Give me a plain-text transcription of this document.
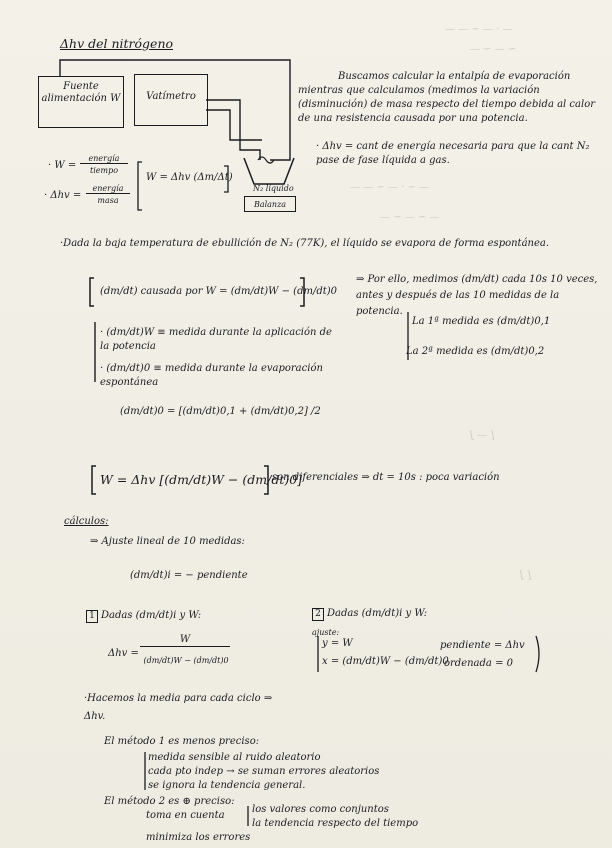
— · — ~ — —
~ — ~ —
— ~ · — ~ — —
— ~ — ~ —
[ — ]
[ ]
Δhv del nitrógeno
Fuente alimentación W	Vatímetro
N₂ líquido
Balanza
Buscamos calcular la entalpía de evaporación mientras que calculamos (medimos la variación (disminución) de masa respecto del tiempo debida al calor de una resistencia causada por una potencia.
· Δhv = cant de energía necesaria para que la cant N₂ pase de fase líquida a gas.
· W =
energía
tiempo
· Δhv =
energía
masa
W = Δhv (Δm/Δt)
·Dada la baja temperatura de ebullición de N₂ (77K), el líquido se evapora de forma espontánea.
(dm/dt) causada por W = (dm/dt)W − (dm/dt)0
⇒ Por ello, medimos (dm/dt) cada 10s 10 veces, antes y después de las 10 medidas de la potencia.
La 1ª medida es (dm/dt)0,1
La 2ª medida es (dm/dt)0,2
· (dm/dt)W ≡ medida durante la aplicación de la potencia
· (dm/dt)0 ≡ medida durante la evaporación espontánea
(dm/dt)0 = [(dm/dt)0,1 + (dm/dt)0,2] /2
W = Δhv [(dm/dt)W − (dm/dt)0]
son diferenciales ⇒ dt = 10s : poca variación
cálculos:
⇒ Ajuste lineal de 10 medidas:
(dm/dt)i = − pendiente
1 Dadas (dm/dt)i y W:
Δhv =
W
(dm/dt)W − (dm/dt)0
2 Dadas (dm/dt)i y W:
ajuste:
y = W
x = (dm/dt)W − (dm/dt)0
pendiente = Δhv
ordenada = 0
·Hacemos la media para cada ciclo ⇒ Δhv.
El método 1 es menos preciso:
medida sensible al ruido aleatorio
cada pto indep → se suman errores aleatorios
se ignora la tendencia general.
El método 2 es ⊕ preciso:
toma en cuenta
los valores como conjuntos
la tendencia respecto del tiempo
minimiza los errores
